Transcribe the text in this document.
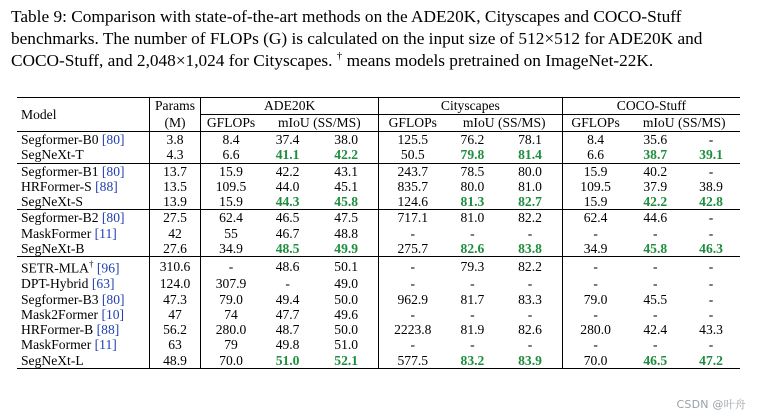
Table 9: Comparison with state-of-the-art methods on the ADE20K, Cityscapes and COCO-Stuff benchmarks. The number of FLOPs (G) is calculated on the input size of 512×512 for ADE20K and COCO-Stuff, and 2,048×1,024 for Cityscapes. † means models pretrained on ImageNet-22K.

Model	Params	ADE20K			Cityscapes			COCO-Stuff		
	(M)	GFLOPs	mIoU (SS/MS)		GFLOPs	mIoU (SS/MS)		GFLOPs	mIoU (SS/MS)	
Segformer-B0 [80]	3.8	8.4	37.4	38.0	125.5	76.2	78.1	8.4	35.6	-
SegNeXt-T	4.3	6.6	41.1	42.2	50.5	79.8	81.4	6.6	38.7	39.1
Segformer-B1 [80]	13.7	15.9	42.2	43.1	243.7	78.5	80.0	15.9	40.2	-
HRFormer-S [88]	13.5	109.5	44.0	45.1	835.7	80.0	81.0	109.5	37.9	38.9
SegNeXt-S	13.9	15.9	44.3	45.8	124.6	81.3	82.7	15.9	42.2	42.8
Segformer-B2 [80]	27.5	62.4	46.5	47.5	717.1	81.0	82.2	62.4	44.6	-
MaskFormer [11]	42	55	46.7	48.8	-	-	-	-	-	-
SegNeXt-B	27.6	34.9	48.5	49.9	275.7	82.6	83.8	34.9	45.8	46.3
SETR-MLA† [96]	310.6	-	48.6	50.1	-	79.3	82.2	-	-	-
DPT-Hybrid [63]	124.0	307.9	-	49.0	-	-	-	-	-	-
Segformer-B3 [80]	47.3	79.0	49.4	50.0	962.9	81.7	83.3	79.0	45.5	-
Mask2Former [10]	47	74	47.7	49.6	-	-	-	-	-	-
HRFormer-B [88]	56.2	280.0	48.7	50.0	2223.8	81.9	82.6	280.0	42.4	43.3
MaskFormer [11]	63	79	49.8	51.0	-	-	-	-	-	-
SegNeXt-L	48.9	70.0	51.0	52.1	577.5	83.2	83.9	70.0	46.5	47.2
CSDN @叶舟
